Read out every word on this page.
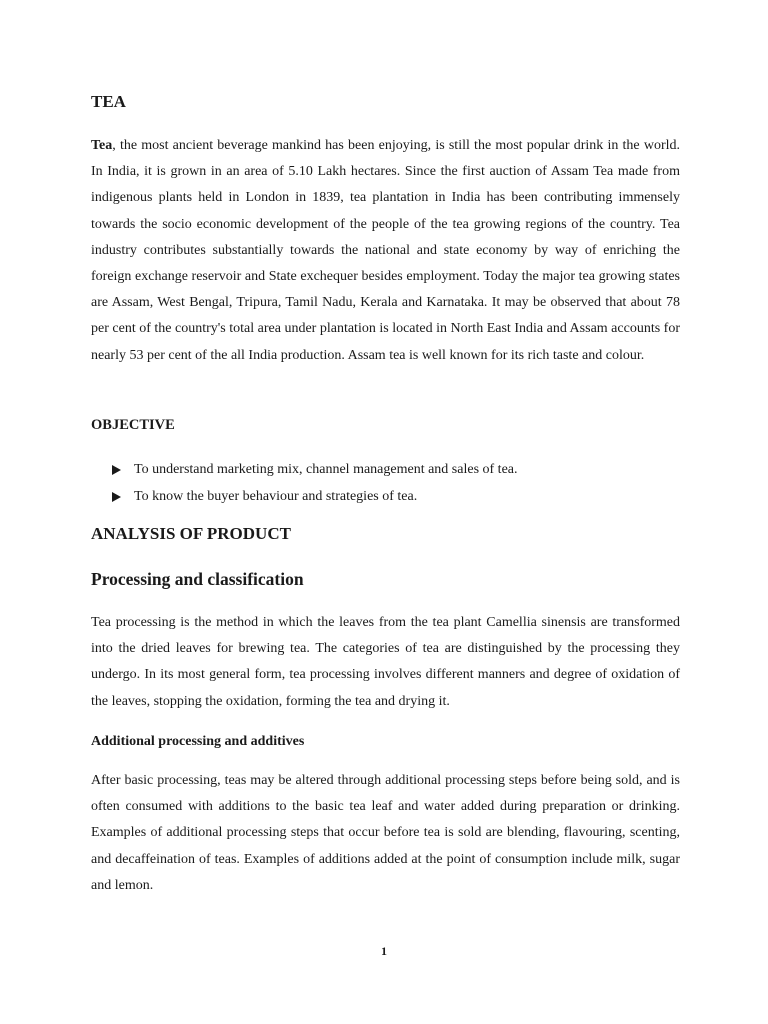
TEA

Tea, the most ancient beverage mankind has been enjoying, is still the most popular drink in the world. In India, it is grown in an area of 5.10 Lakh hectares. Since the first auction of Assam Tea made from indigenous plants held in London in 1839, tea plantation in India has been contributing immensely towards the socio economic development of the people of the tea growing regions of the country. Tea industry contributes substantially towards the national and state economy by way of enriching the foreign exchange reservoir and State exchequer besides employment. Today the major tea growing states are Assam, West Bengal, Tripura, Tamil Nadu, Kerala and Karnataka. It may be observed that about 78 per cent of the country's total area under plantation is located in North East India and Assam accounts for nearly 53 per cent of the all India production. Assam tea is well known for its rich taste and colour.

OBJECTIVE
To understand marketing mix, channel management and sales of tea.
To know the buyer behaviour and strategies of tea.
ANALYSIS OF PRODUCT
Processing and classification

Tea processing is the method in which the leaves from the tea plant Camellia sinensis are transformed into the dried leaves for brewing tea. The categories of tea are distinguished by the processing they undergo. In its most general form, tea processing involves different manners and degree of oxidation of the leaves, stopping the oxidation, forming the tea and drying it.

Additional processing and additives

After basic processing, teas may be altered through additional processing steps before being sold, and is often consumed with additions to the basic tea leaf and water added during preparation or drinking. Examples of additional processing steps that occur before tea is sold are blending, flavouring, scenting, and decaffeination of teas. Examples of additions added at the point of consumption include milk, sugar and lemon.

1
